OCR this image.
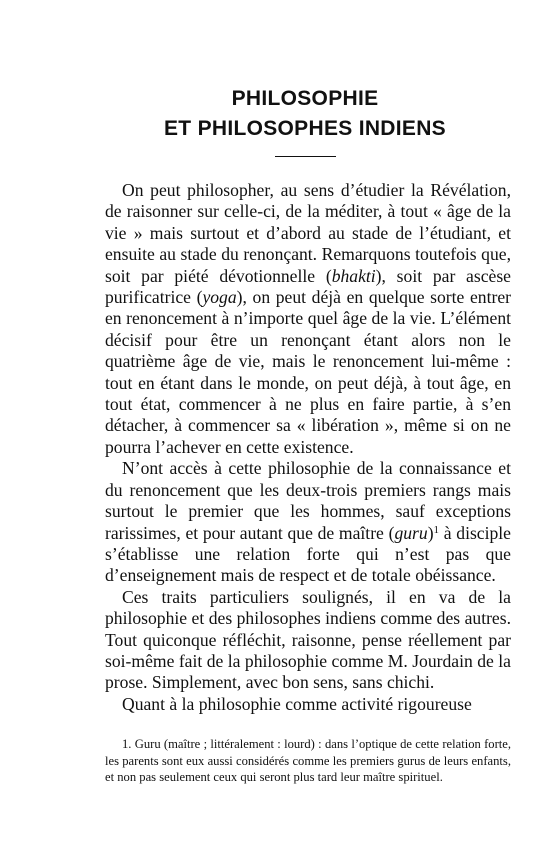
PHILOSOPHIE
ET PHILOSOPHES INDIENS

On peut philosopher, au sens d’étudier la Révélation, de raisonner sur celle-ci, de la méditer, à tout « âge de la vie » mais surtout et d’abord au stade de l’étudiant, et ensuite au stade du renonçant. Remarquons toutefois que, soit par piété dévotionnelle (bhakti), soit par ascèse purificatrice (yoga), on peut déjà en quelque sorte entrer en renoncement à n’importe quel âge de la vie. L’élément décisif pour être un renonçant étant alors non le quatrième âge de vie, mais le renoncement lui-même : tout en étant dans le monde, on peut déjà, à tout âge, en tout état, commencer à ne plus en faire partie, à s’en détacher, à commencer sa « libération », même si on ne pourra l’achever en cette existence.

N’ont accès à cette philosophie de la connaissance et du renoncement que les deux-trois premiers rangs mais surtout le premier que les hommes, sauf exceptions rarissimes, et pour autant que de maître (guru)$^1$ à disciple s’établisse une relation forte qui n’est pas que d’enseignement mais de respect et de totale obéissance.

Ces traits particuliers soulignés, il en va de la philosophie et des philosophes indiens comme des autres. Tout quiconque réfléchit, raisonne, pense réellement par soi-même fait de la philosophie comme M. Jourdain de la prose. Simplement, avec bon sens, sans chichi.

Quant à la philosophie comme activité rigoureuse

1. Guru (maître ; littéralement : lourd) : dans l’optique de cette relation forte, les parents sont eux aussi considérés comme les premiers gurus de leurs enfants, et non pas seulement ceux qui seront plus tard leur maître spirituel.
